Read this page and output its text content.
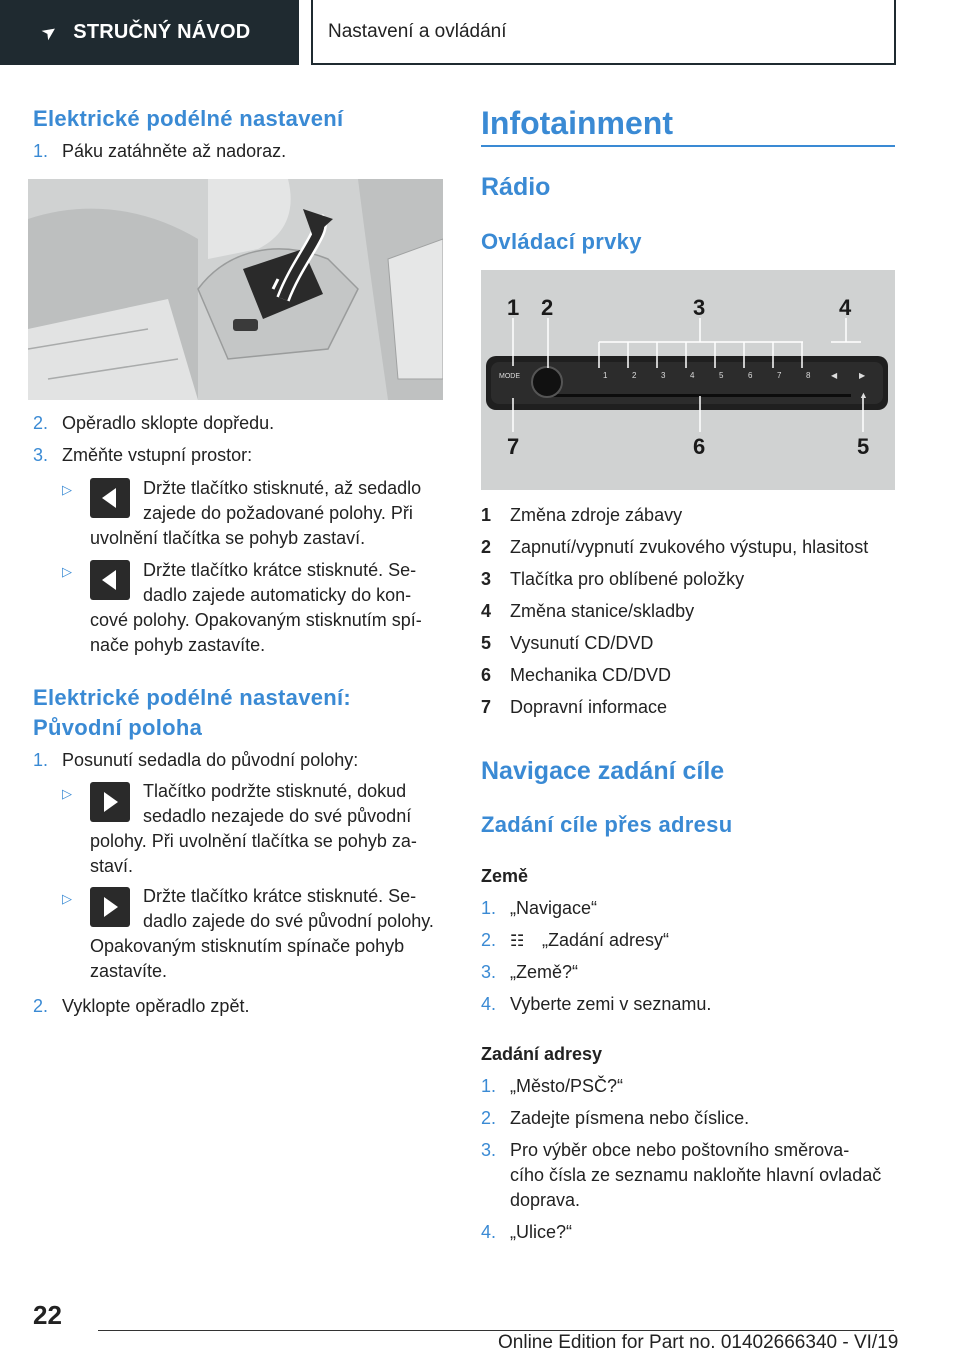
➤ STRUČNÝ NÁVOD	Nastavení a ovládání
Elektrické podélné nastavení
1. Páku zatáhněte až nadoraz.
2. Opěradlo sklopte dopředu.
3. Změňte vstupní prostor:
▷	Držte tlačítko stisknuté, až sedadlo
zajede do požadované polohy. Při
uvolnění tlačítka se pohyb zastaví.
▷	Držte tlačítko krátce stisknuté. Se-
dadlo zajede automaticky do kon-
cové polohy. Opakovaným stisknutím spí-
nače pohyb zastavíte.
Elektrické podélné nastavení:
Původní poloha
1. Posunutí sedadla do původní polohy:
▷	Tlačítko podržte stisknuté, dokud
sedadlo nezajede do své původní
polohy. Při uvolnění tlačítka se pohyb za-
staví.
▷	Držte tlačítko krátce stisknuté. Se-
dadlo zajede do své původní polohy.
Opakovaným stisknutím spínače pohyb
zastavíte.
2. Vyklopte opěradlo zpět.
Infotainment
Rádio
Ovládací prvky
1	2	3	4	5	6	7	8
MODE	◀	▶
▲
1 2	3	4
5
6
7
1 Změna zdroje zábavy
2 Zapnutí/vypnutí zvukového výstupu, hlasitost
3 Tlačítka pro oblíbené položky
4 Změna stanice/skladby
5 Vysunutí CD/DVD
6 Mechanika CD/DVD
7 Dopravní informace
Navigace zadání cíle
Zadání cíle přes adresu
Země
1. „Navigace“
2. ☷ „Zadání adresy“
3. „Země?“
4. Vyberte zemi v seznamu.
Zadání adresy
1. „Město/PSČ?“
2. Zadejte písmena nebo číslice.
3. Pro výběr obce nebo poštovního směrova-
cího čísla ze seznamu nakloňte hlavní ovladač
doprava.
4. „Ulice?“
22
Online Edition for Part no. 01402666340 - VI/19
